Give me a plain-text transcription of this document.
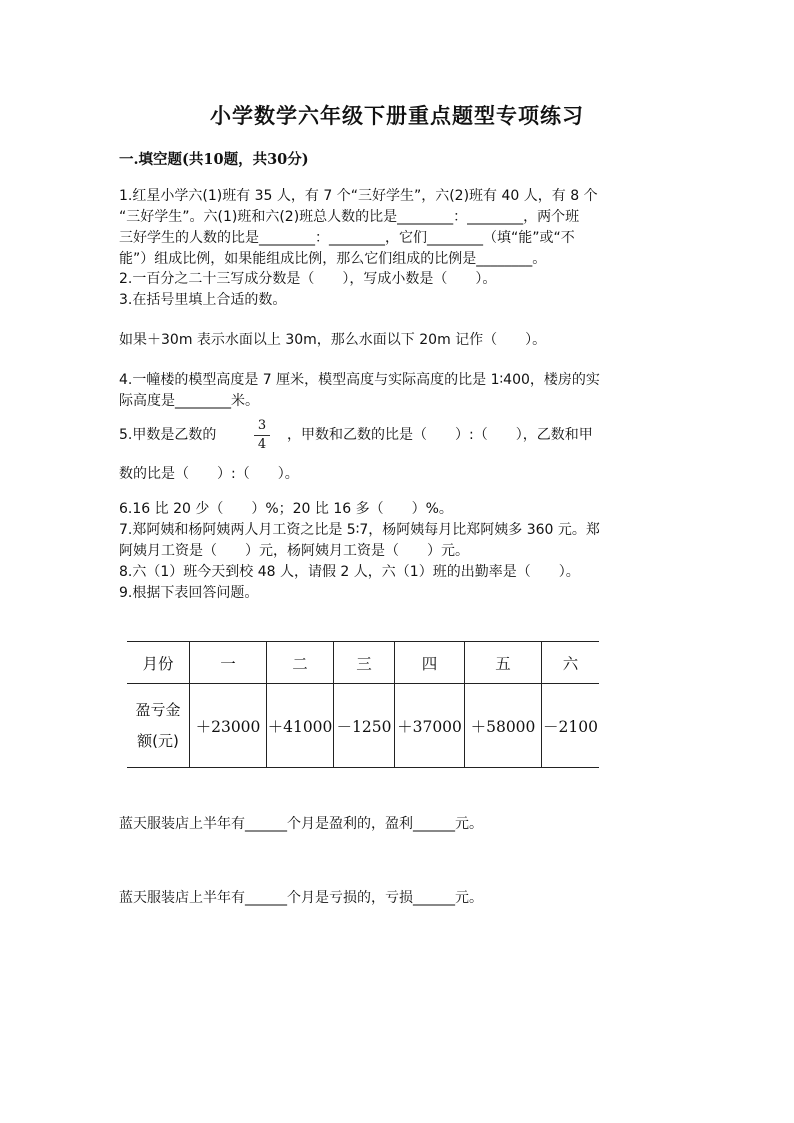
小学数学六年级下册重点题型专项练习
一.填空题(共10题，共30分)
1.红星小学六(1)班有 35 人，有 7 个“三好学生”，六(2)班有 40 人，有 8 个
“三好学生”。六(1)班和六(2)班总人数的比是________：________，两个班
三好学生的人数的比是________：________，它们________（填“能”或“不
能”）组成比例，如果能组成比例，那么它们组成的比例是________。
2.一百分之二十三写成分数是（　　），写成小数是（　　）。
3.在括号里填上合适的数。
如果＋30m 表示水面以上 30m，那么水面以下 20m 记作（　　）。
4.一幢楼的模型高度是 7 厘米，模型高度与实际高度的比是 1∶400，楼房的实
际高度是________米。
5.甲数是乙数的
3
4
，甲数和乙数的比是（　　）:（　　），乙数和甲
数的比是（　　）:（　　）。
6.16 比 20 少（　　）%；20 比 16 多（　　）%。
7.郑阿姨和杨阿姨两人月工资之比是 5∶7，杨阿姨每月比郑阿姨多 360 元。郑
阿姨月工资是（　　）元，杨阿姨月工资是（　　）元。
8.六（1）班今天到校 48 人，请假 2 人，六（1）班的出勤率是（　　）。
9.根据下表回答问题。
月份	一	二	三	四	五	六

盈亏金
额(元)	＋23000	＋41000	－1250	＋37000	＋58000	－2100
蓝天服装店上半年有______个月是盈利的，盈利______元。
蓝天服装店上半年有______个月是亏损的，亏损______元。
